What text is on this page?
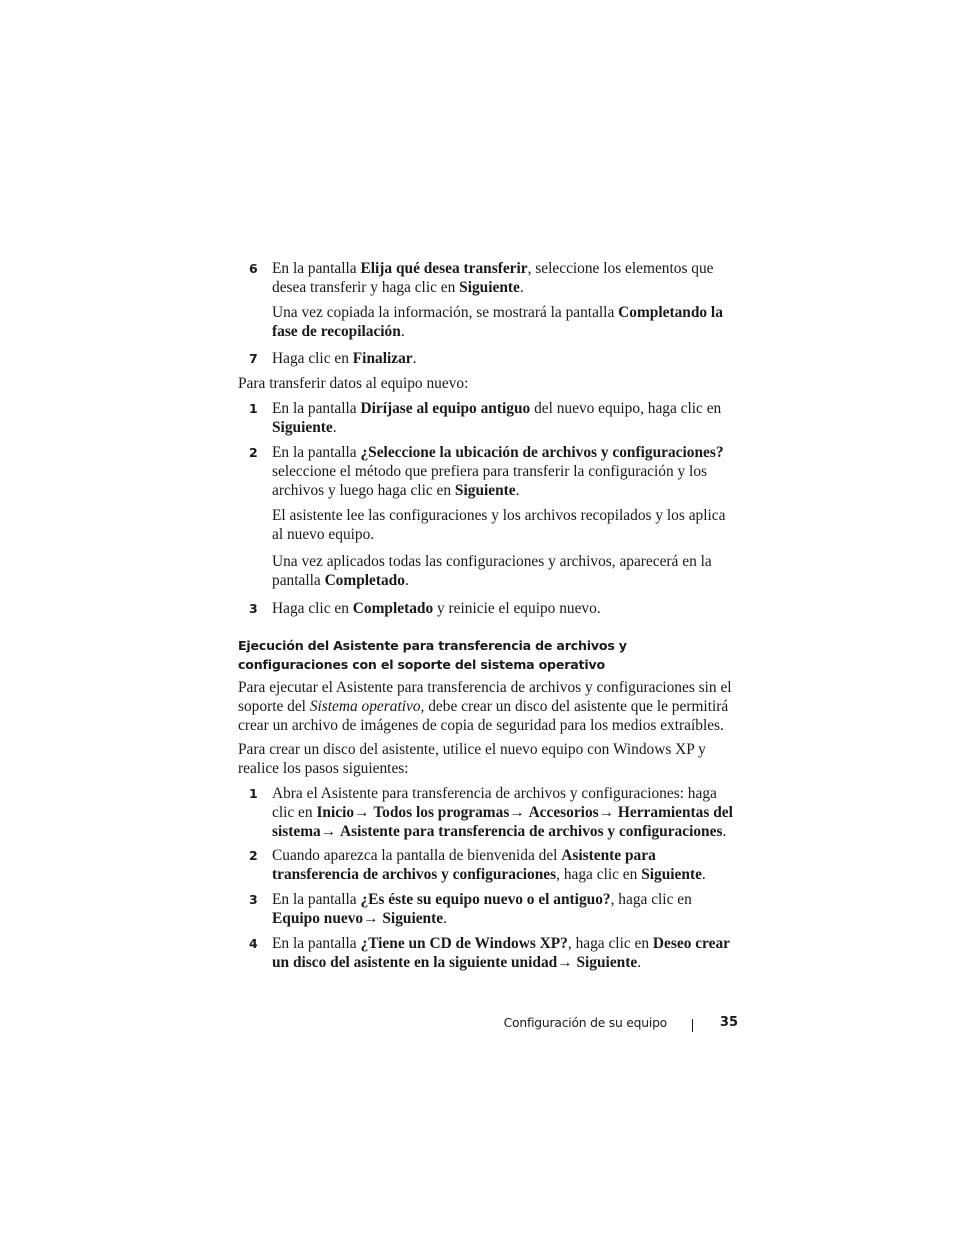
6 En la pantalla Elija qué desea transferir, seleccione los elementos que desea transferir y haga clic en Siguiente.
Una vez copiada la información, se mostrará la pantalla Completando la fase de recopilación.
7 Haga clic en Finalizar.
Para transferir datos al equipo nuevo:
1 En la pantalla Diríjase al equipo antiguo del nuevo equipo, haga clic en Siguiente.
2 En la pantalla ¿Seleccione la ubicación de archivos y configuraciones? seleccione el método que prefiera para transferir la configuración y los archivos y luego haga clic en Siguiente.
El asistente lee las configuraciones y los archivos recopilados y los aplica al nuevo equipo.
Una vez aplicados todas las configuraciones y archivos, aparecerá en la pantalla Completado.
3 Haga clic en Completado y reinicie el equipo nuevo.
Ejecución del Asistente para transferencia de archivos y configuraciones con el soporte del sistema operativo
Para ejecutar el Asistente para transferencia de archivos y configuraciones sin el soporte del Sistema operativo, debe crear un disco del asistente que le permitirá crear un archivo de imágenes de copia de seguridad para los medios extraíbles.
Para crear un disco del asistente, utilice el nuevo equipo con Windows XP y realice los pasos siguientes:
1 Abra el Asistente para transferencia de archivos y configuraciones: haga clic en Inicio→ Todos los programas→ Accesorios→ Herramientas del sistema→ Asistente para transferencia de archivos y configuraciones.
2 Cuando aparezca la pantalla de bienvenida del Asistente para transferencia de archivos y configuraciones, haga clic en Siguiente.
3 En la pantalla ¿Es éste su equipo nuevo o el antiguo?, haga clic en Equipo nuevo→ Siguiente.
4 En la pantalla ¿Tiene un CD de Windows XP?, haga clic en Deseo crear un disco del asistente en la siguiente unidad→ Siguiente.
Configuración de su equipo	35
